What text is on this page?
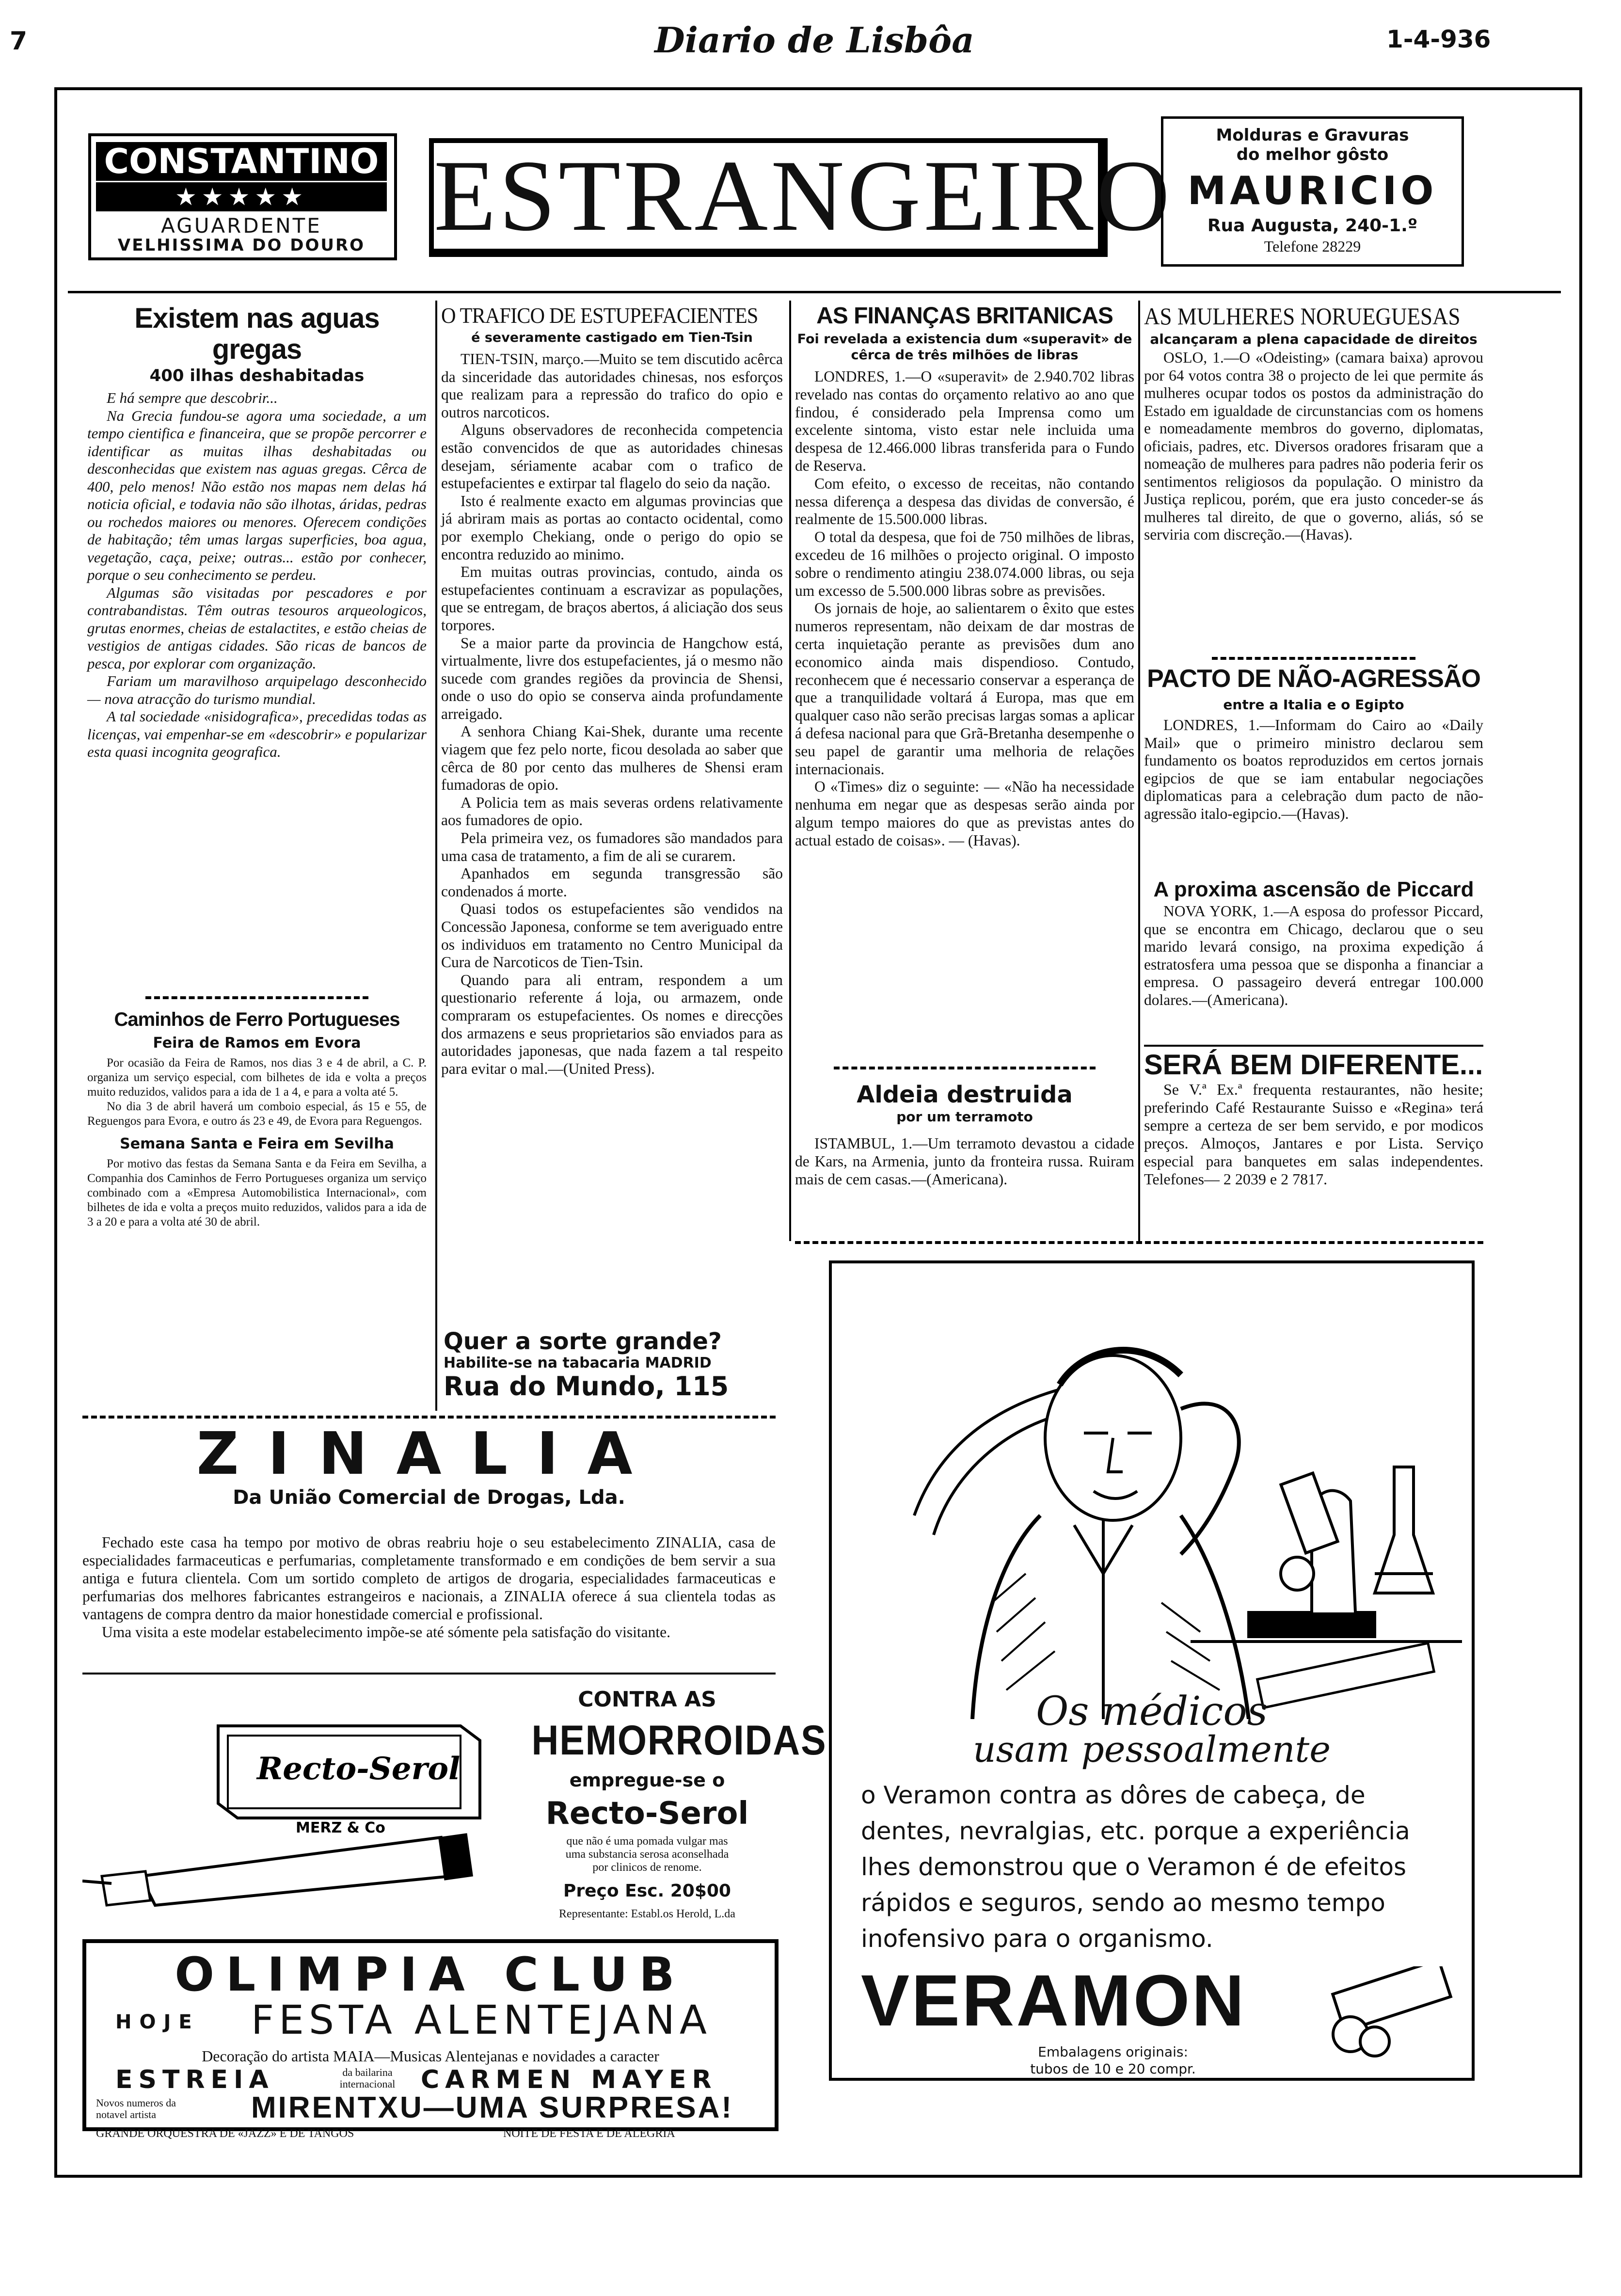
7	Diario de Lisbôa	1-4-936
CONSTANTINO
★★★★★
AGUARDENTE
VELHISSIMA DO DOURO ESTRANGEIRO
Molduras e Gravuras
do melhor gôsto
MAURICIO
Rua Augusta, 240-1.º
Telefone 28229
Existem nas aguas gregas
400 ilhas deshabitadas

E há sempre que descobrir...

Na Grecia fundou-se agora uma sociedade, a um tempo cientifica e financeira, que se propõe percorrer e identificar as muitas ilhas deshabitadas ou desconhecidas que existem nas aguas gregas. Cêrca de 400, pelo menos! Não estão nos mapas nem delas há noticia oficial, e todavia não são ilhotas, áridas, pedras ou rochedos maiores ou menores. Oferecem condições de habitação; têm umas largas superficies, boa agua, vegetação, caça, peixe; outras... estão por conhecer, porque o seu conhecimento se perdeu.

Algumas são visitadas por pescadores e por contrabandistas. Têm outras tesouros arqueologicos, grutas enormes, cheias de estalactites, e estão cheias de vestigios de antigas cidades. São ricas de bancos de pesca, por explorar com organização.

Fariam um maravilhoso arquipelago desconhecido — nova atracção do turismo mundial.

A tal sociedade «nisidografica», precedidas todas as licenças, vai empenhar-se em «descobrir» e popularizar esta quasi incognita geografica.

Caminhos de Ferro Portugueses
Feira de Ramos em Evora

Por ocasião da Feira de Ramos, nos dias 3 e 4 de abril, a C. P. organiza um serviço especial, com bilhetes de ida e volta a preços muito reduzidos, validos para a ida de 1 a 4, e para a volta até 5.

No dia 3 de abril haverá um comboio especial, ás 15 e 55, de Reguengos para Evora, e outro ás 23 e 49, de Evora para Reguengos.

Semana Santa e Feira em Sevilha

Por motivo das festas da Semana Santa e da Feira em Sevilha, a Companhia dos Caminhos de Ferro Portugueses organiza um serviço combinado com a «Empresa Automobilistica Internacional», com bilhetes de ida e volta a preços muito reduzidos, validos para a ida de 3 a 20 e para a volta até 30 de abril.

O TRAFICO DE ESTUPEFACIENTES
é severamente castigado em Tien-Tsin

TIEN-TSIN, março.—Muito se tem discutido acêrca da sinceridade das autoridades chinesas, nos esforços que realizam para a repressão do trafico do opio e outros narcoticos.

Alguns observadores de reconhecida competencia estão convencidos de que as autoridades chinesas desejam, sériamente acabar com o trafico de estupefacientes e extirpar tal flagelo do seio da nação.

Isto é realmente exacto em algumas provincias que já abriram mais as portas ao contacto ocidental, como por exemplo Chekiang, onde o perigo do opio se encontra reduzido ao minimo.

Em muitas outras provincias, contudo, ainda os estupefacientes continuam a escravizar as populações, que se entregam, de braços abertos, á aliciação dos seus torpores.

Se a maior parte da provincia de Hangchow está, virtualmente, livre dos estupefacientes, já o mesmo não sucede com grandes regiões da provincia de Shensi, onde o uso do opio se conserva ainda profundamente arreigado.

A senhora Chiang Kai-Shek, durante uma recente viagem que fez pelo norte, ficou desolada ao saber que cêrca de 80 por cento das mulheres de Shensi eram fumadoras de opio.

A Policia tem as mais severas ordens relativamente aos fumadores de opio.

Pela primeira vez, os fumadores são mandados para uma casa de tratamento, a fim de ali se curarem.

Apanhados em segunda transgressão são condenados á morte.

Quasi todos os estupefacientes são vendidos na Concessão Japonesa, conforme se tem averiguado entre os individuos em tratamento no Centro Municipal da Cura de Narcoticos de Tien-Tsin.

Quando para ali entram, respondem a um questionario referente á loja, ou armazem, onde compraram os estupefacientes. Os nomes e direcções dos armazens e seus proprietarios são enviados para as autoridades japonesas, que nada fazem a tal respeito para evitar o mal.—(United Press).

Quer a sorte grande?
Habilite-se na tabacaria MADRID
Rua do Mundo, 115
AS FINANÇAS BRITANICAS
Foi revelada a existencia dum «superavit» de cêrca de três milhões de libras

LONDRES, 1.—O «superavit» de 2.940.702 libras revelado nas contas do orçamento relativo ao ano que findou, é considerado pela Imprensa como um excelente sintoma, visto estar nele incluida uma despesa de 12.466.000 libras transferida para o Fundo de Reserva.

Com efeito, o excesso de receitas, não contando nessa diferença a despesa das dividas de conversão, é realmente de 15.500.000 libras.

O total da despesa, que foi de 750 milhões de libras, excedeu de 16 milhões o projecto original. O imposto sobre o rendimento atingiu 238.074.000 libras, ou seja um excesso de 5.500.000 libras sobre as previsões.

Os jornais de hoje, ao salientarem o êxito que estes numeros representam, não deixam de dar mostras de certa inquietação perante as previsões dum ano economico ainda mais dispendioso. Contudo, reconhecem que é necessario conservar a esperança de que a tranquilidade voltará á Europa, mas que em qualquer caso não serão precisas largas somas a aplicar á defesa nacional para que Grã-Bretanha desempenhe o seu papel de garantir uma melhoria de relações internacionais.

O «Times» diz o seguinte: — «Não ha necessidade nenhuma em negar que as despesas serão ainda por algum tempo maiores do que as previstas antes do actual estado de coisas». — (Havas).

Aldeia destruida
por um terramoto

ISTAMBUL, 1.—Um terramoto devastou a cidade de Kars, na Armenia, junto da fronteira russa. Ruiram mais de cem casas.—(Americana).

AS MULHERES NORUEGUESAS
alcançaram a plena capacidade de direitos

OSLO, 1.—O «Odeisting» (camara baixa) aprovou por 64 votos contra 38 o projecto de lei que permite ás mulheres ocupar todos os postos da administração do Estado em igualdade de circunstancias com os homens e nomeadamente membros do governo, diplomatas, oficiais, padres, etc. Diversos oradores frisaram que a nomeação de mulheres para padres não poderia ferir os sentimentos religiosos da população. O ministro da Justiça replicou, porém, que era justo conceder-se ás mulheres tal direito, de que o governo, aliás, só se serviria com discreção.—(Havas).

PACTO DE NÃO-AGRESSÃO
entre a Italia e o Egipto

LONDRES, 1.—Informam do Cairo ao «Daily Mail» que o primeiro ministro declarou sem fundamento os boatos reproduzidos em certos jornais egipcios de que se iam entabular negociações diplomaticas para a celebração dum pacto de não-agressão italo-egipcio.—(Havas).

A proxima ascensão de Piccard

NOVA YORK, 1.—A esposa do professor Piccard, que se encontra em Chicago, declarou que o seu marido levará consigo, na proxima expedição á estratosfera uma pessoa que se disponha a financiar a empresa. O passageiro deverá entregar 100.000 dolares.—(Americana).

SERÁ BEM DIFERENTE...

Se V.ª Ex.ª frequenta restaurantes, não hesite; preferindo Café Restaurante Suisso e «Regina» terá sempre a certeza de ser bem servido, e por modicos preços. Almoços, Jantares e por Lista. Serviço especial para banquetes em salas independentes. Telefones— 2 2039 e 2 7817.

ZINALIA
Da União Comercial de Drogas, Lda.

Fechado este casa ha tempo por motivo de obras reabriu hoje o seu estabelecimento ZINALIA, casa de especialidades farmaceuticas e perfumarias, completamente transformado e em condições de bem servir a sua antiga e futura clientela. Com um sortido completo de artigos de drogaria, especialidades farmaceuticas e perfumarias dos melhores fabricantes estrangeiros e nacionais, a ZINALIA oferece á sua clientela todas as vantagens de compra dentro da maior honestidade comercial e profissional.

Uma visita a este modelar estabelecimento impõe-se até sómente pela satisfação do visitante.

Recto-Serol
MERZ & Co
CONTRA AS
HEMORROIDAS
empregue-se o
Recto-Serol
que não é uma pomada vulgar mas
uma substancia serosa aconselhada
por clinicos de renome.
Preço Esc. 20$00
Representante: Establ.os Herold, L.da
OLIMPIA CLUB
HOJE FESTA ALENTEJANA
Decoração do artista MAIA—Musicas Alentejanas e novidades a caracter
ESTREIA	da bailarina internacional	CARMEN MAYER
Novos numeros da notavel artista	MIRENTXU—UMA SURPRESA!
GRANDE ORQUESTRA DE «JAZZ» E DE TANGOS	NOITE DE FESTA E DE ALEGRIA
Os médicos
usam pessoalmente
o Veramon contra as dôres de cabeça, de dentes, nevralgias, etc. porque a experiência lhes demonstrou que o Veramon é de efeitos rápidos e seguros, sendo ao mesmo tempo inofensivo para o organismo.
VERAMON
Embalagens originais:
tubos de 10 e 20 compr.
